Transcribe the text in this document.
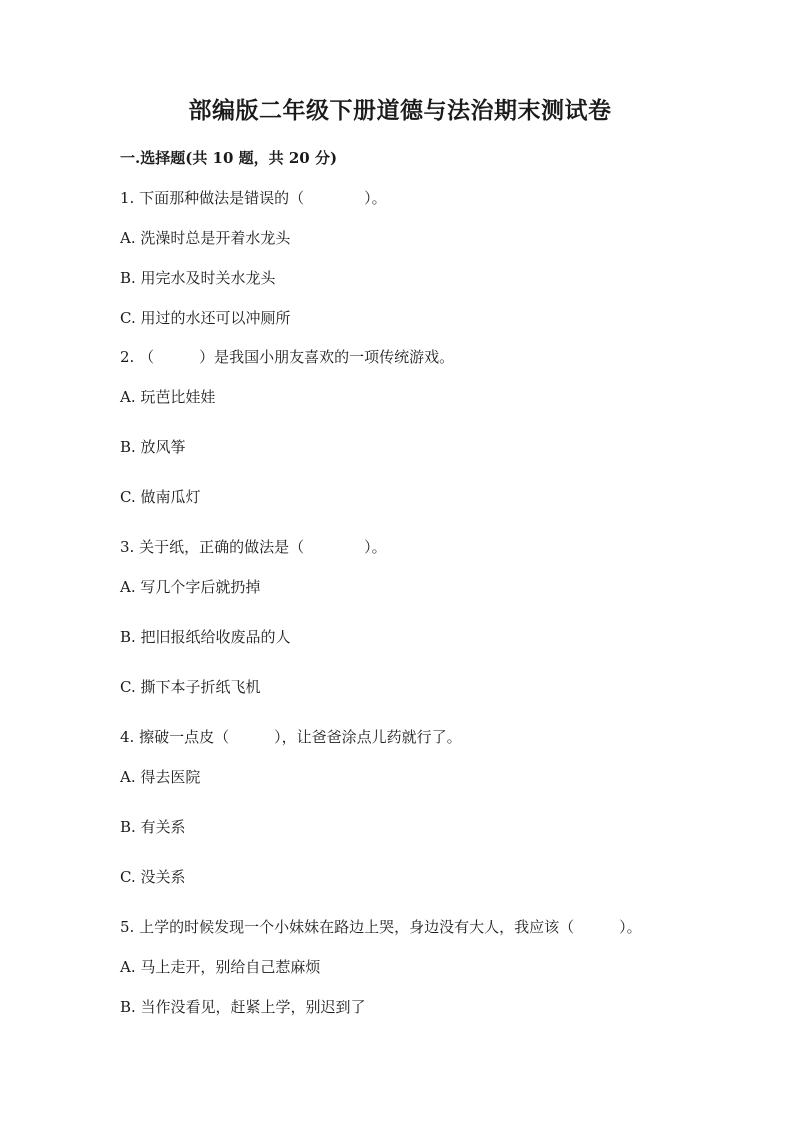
部编版二年级下册道德与法治期末测试卷
一.选择题(共 10 题，共 20 分)
1. 下面那种做法是错误的（　　　　）。
A. 洗澡时总是开着水龙头
B. 用完水及时关水龙头
C. 用过的水还可以冲厕所
2. （　　　）是我国小朋友喜欢的一项传统游戏。
A. 玩芭比娃娃
B. 放风筝
C. 做南瓜灯
3. 关于纸，正确的做法是（　　　　）。
A. 写几个字后就扔掉
B. 把旧报纸给收废品的人
C. 撕下本子折纸飞机
4. 擦破一点皮（　　　），让爸爸涂点儿药就行了。
A. 得去医院
B. 有关系
C. 没关系
5. 上学的时候发现一个小妹妹在路边上哭，身边没有大人，我应该（　　　）。
A. 马上走开，别给自己惹麻烦
B. 当作没看见，赶紧上学，别迟到了
